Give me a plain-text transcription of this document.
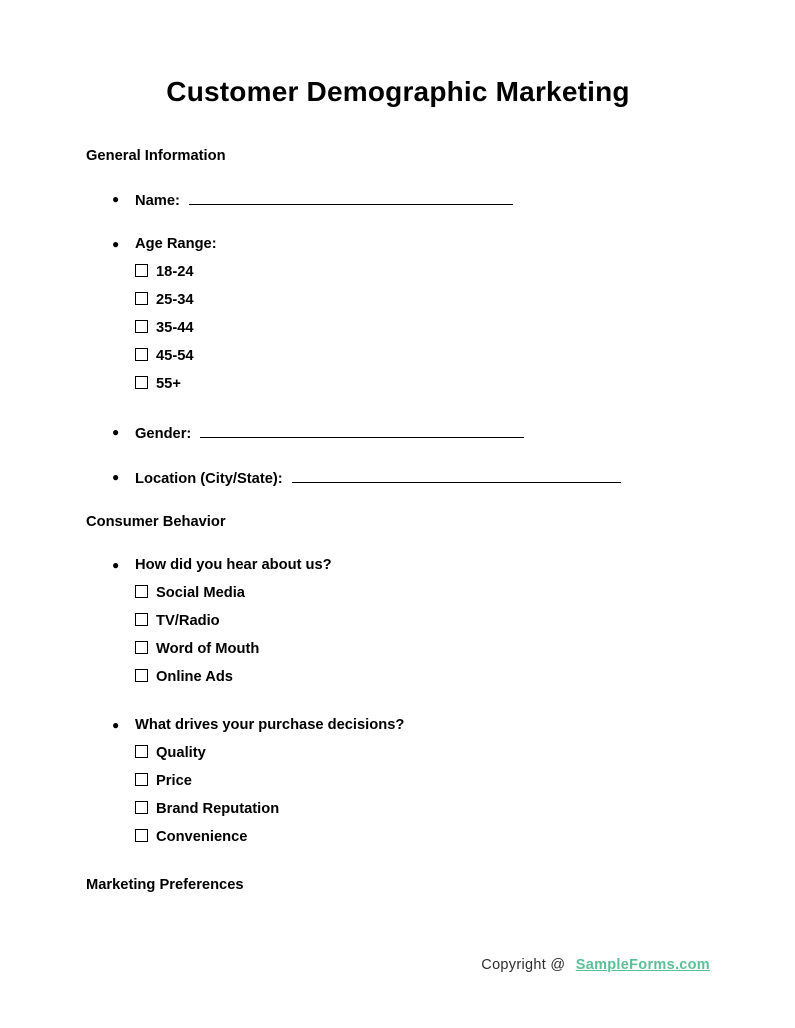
Customer Demographic Marketing
General Information
● Name:
● Age Range:
18-24
25-34
35-44
45-54
55+
● Gender:
● Location (City/State):
Consumer Behavior
● How did you hear about us?
Social Media
TV/Radio
Word of Mouth
Online Ads
● What drives your purchase decisions?
Quality
Price
Brand Reputation
Convenience
Marketing Preferences
Copyright @ SampleForms.com
